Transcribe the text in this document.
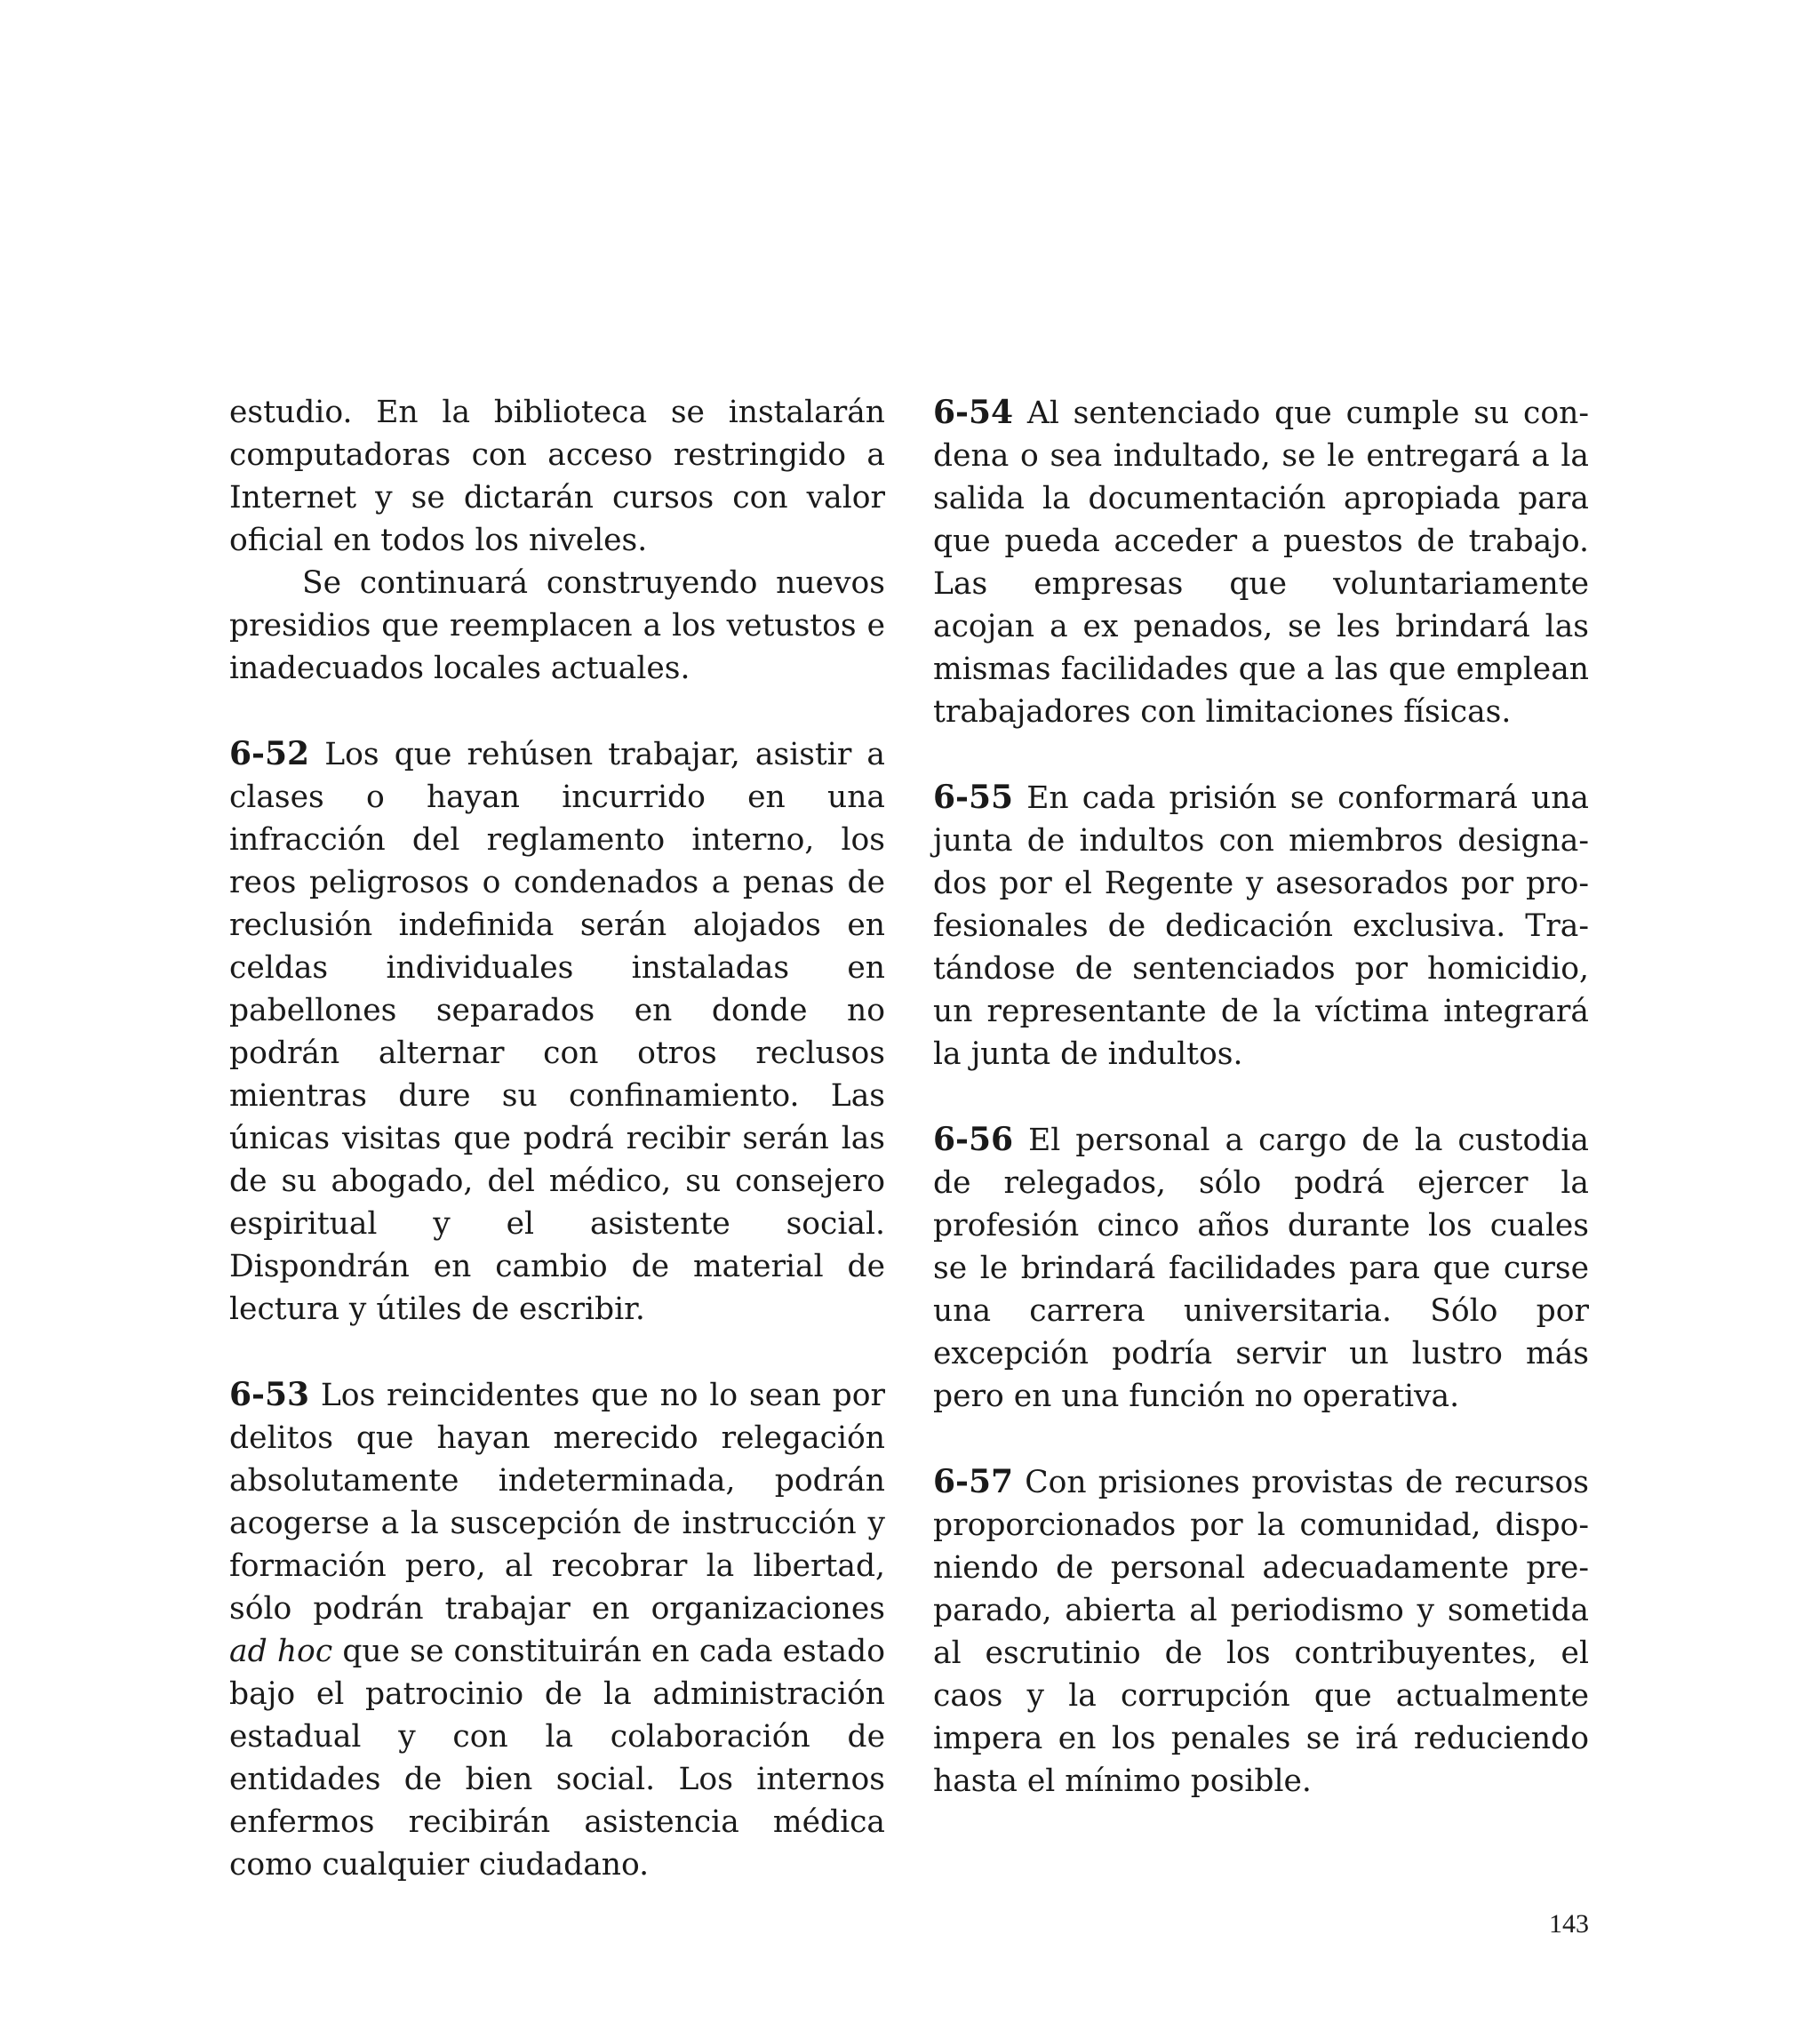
estudio. En la biblioteca se instalarán computadoras con acceso restringido a Internet y se dictarán cursos con valor oficial en todos los niveles.

Se continuará construyendo nuevos presidios que reemplacen a los vetustos e inadecuados locales actuales.

6-52 Los que rehúsen trabajar, asistir a clases o hayan incurrido en una infracción del reglamento interno, los reos peligrosos o condenados a penas de reclusión indefinida serán alojados en celdas individuales instaladas en pabellones separados en donde no podrán alternar con otros reclusos mientras dure su confinamiento. Las únicas visitas que podrá recibir serán las de su abogado, del médico, su consejero espiritual y el asistente social. Dispondrán en cambio de material de lectura y útiles de escribir.

6-53 Los reincidentes que no lo sean por delitos que hayan merecido relegación absolutamente indeterminada, podrán acogerse a la suscepción de instrucción y formación pero, al recobrar la libertad, sólo podrán trabajar en organizaciones ad hoc que se constituirán en cada estado bajo el patrocinio de la administración estadual y con la colaboración de entidades de bien social. Los internos enfermos recibirán asistencia médica como cualquier ciudadano.

6-54 Al sentenciado que cumple su condena o sea indultado, se le entregará a la salida la documentación apropiada para que pueda acceder a puestos de trabajo. Las empresas que voluntariamente acojan a ex penados, se les brindará las mismas facilidades que a las que emplean trabajadores con limitaciones físicas.

6-55 En cada prisión se conformará una junta de indultos con miembros designados por el Regente y asesorados por profesionales de dedicación exclusiva. Tratándose de sentenciados por homicidio, un representante de la víctima integrará la junta de indultos.

6-56 El personal a cargo de la custodia de relegados, sólo podrá ejercer la profesión cinco años durante los cuales se le brindará facilidades para que curse una carrera universitaria. Sólo por excepción podría servir un lustro más pero en una función no operativa.

6-57 Con prisiones provistas de recursos proporcionados por la comunidad, disponiendo de personal adecuadamente preparado, abierta al periodismo y sometida al escrutinio de los contribuyentes, el caos y la corrupción que actualmente impera en los penales se irá reduciendo hasta el mínimo posible.

143
